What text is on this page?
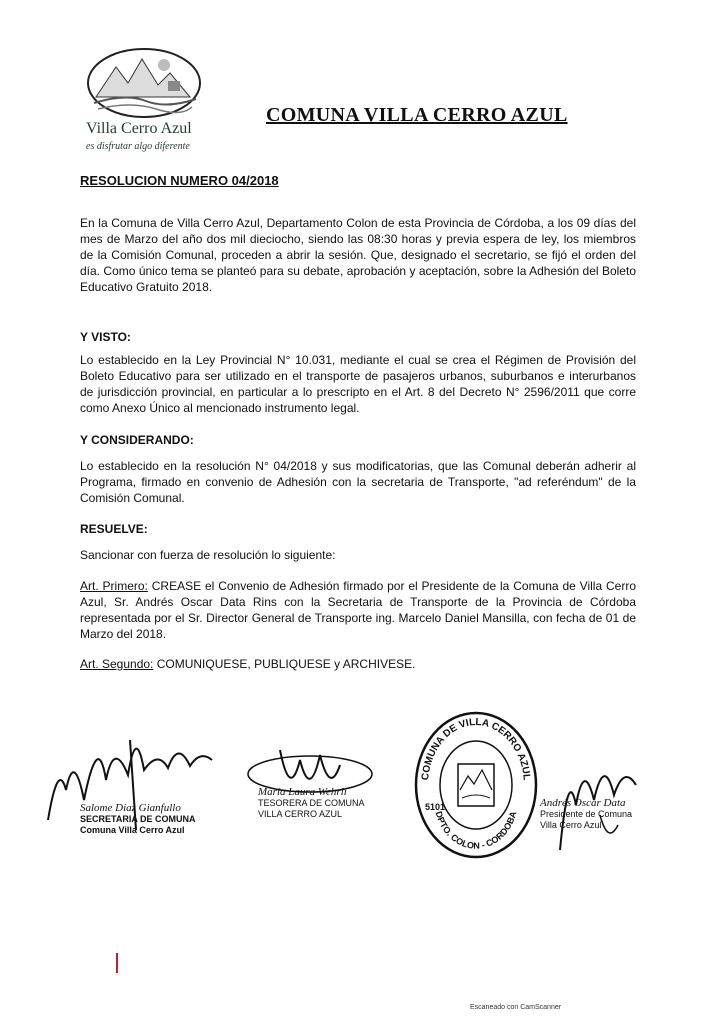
Villa Cerro Azul
es disfrutar algo diferente
COMUNA VILLA CERRO AZUL
RESOLUCION NUMERO 04/2018
En la Comuna de Villa Cerro Azul, Departamento Colon de esta Provincia de Córdoba, a los 09 días del mes de Marzo del año dos mil dieciocho, siendo las 08:30 horas y previa espera de ley, los miembros de la Comisión Comunal, proceden a abrir la sesión. Que, designado el secretario, se fijó el orden del día. Como único tema se planteó para su debate, aprobación y aceptación, sobre la Adhesión del Boleto Educativo Gratuito 2018.
Y VISTO:
Lo establecido en la Ley Provincial N° 10.031, mediante el cual se crea el Régimen de Provisión del Boleto Educativo para ser utilizado en el transporte de pasajeros urbanos, suburbanos e interurbanos de jurisdicción provincial, en particular a lo prescripto en el Art. 8 del Decreto N° 2596/2011 que corre como Anexo Único al mencionado instrumento legal.
Y CONSIDERANDO:
Lo establecido en la resolución N° 04/2018 y sus modificatorias, que las Comunal deberán adherir al Programa, firmado en convenio de Adhesión con la secretaria de Transporte, "ad referéndum" de la Comisión Comunal.
RESUELVE:
Sancionar con fuerza de resolución lo siguiente:
Art. Primero: CREASE el Convenio de Adhesión firmado por el Presidente de la Comuna de Villa Cerro Azul, Sr. Andrés Oscar Data Rins con la Secretaria de Transporte de la Provincia de Córdoba representada por el Sr. Director General de Transporte ing. Marcelo Daniel Mansilla, con fecha de 01 de Marzo del 2018.
Art. Segundo: COMUNIQUESE, PUBLIQUESE y ARCHIVESE.
Salome Diaz Gianfullo
SECRETARIA DE COMUNA
Comuna Villa Cerro Azul
María Laura Wehrli
TESORERA DE COMUNA
VILLA CERRO AZUL
COMUNA DE VILLA CERRO AZUL
DPTO. COLON - CORDOBA
5101	Andrés Oscar Data
Presidente de Comuna
Villa Cerro Azul
Escaneado con CamScanner
